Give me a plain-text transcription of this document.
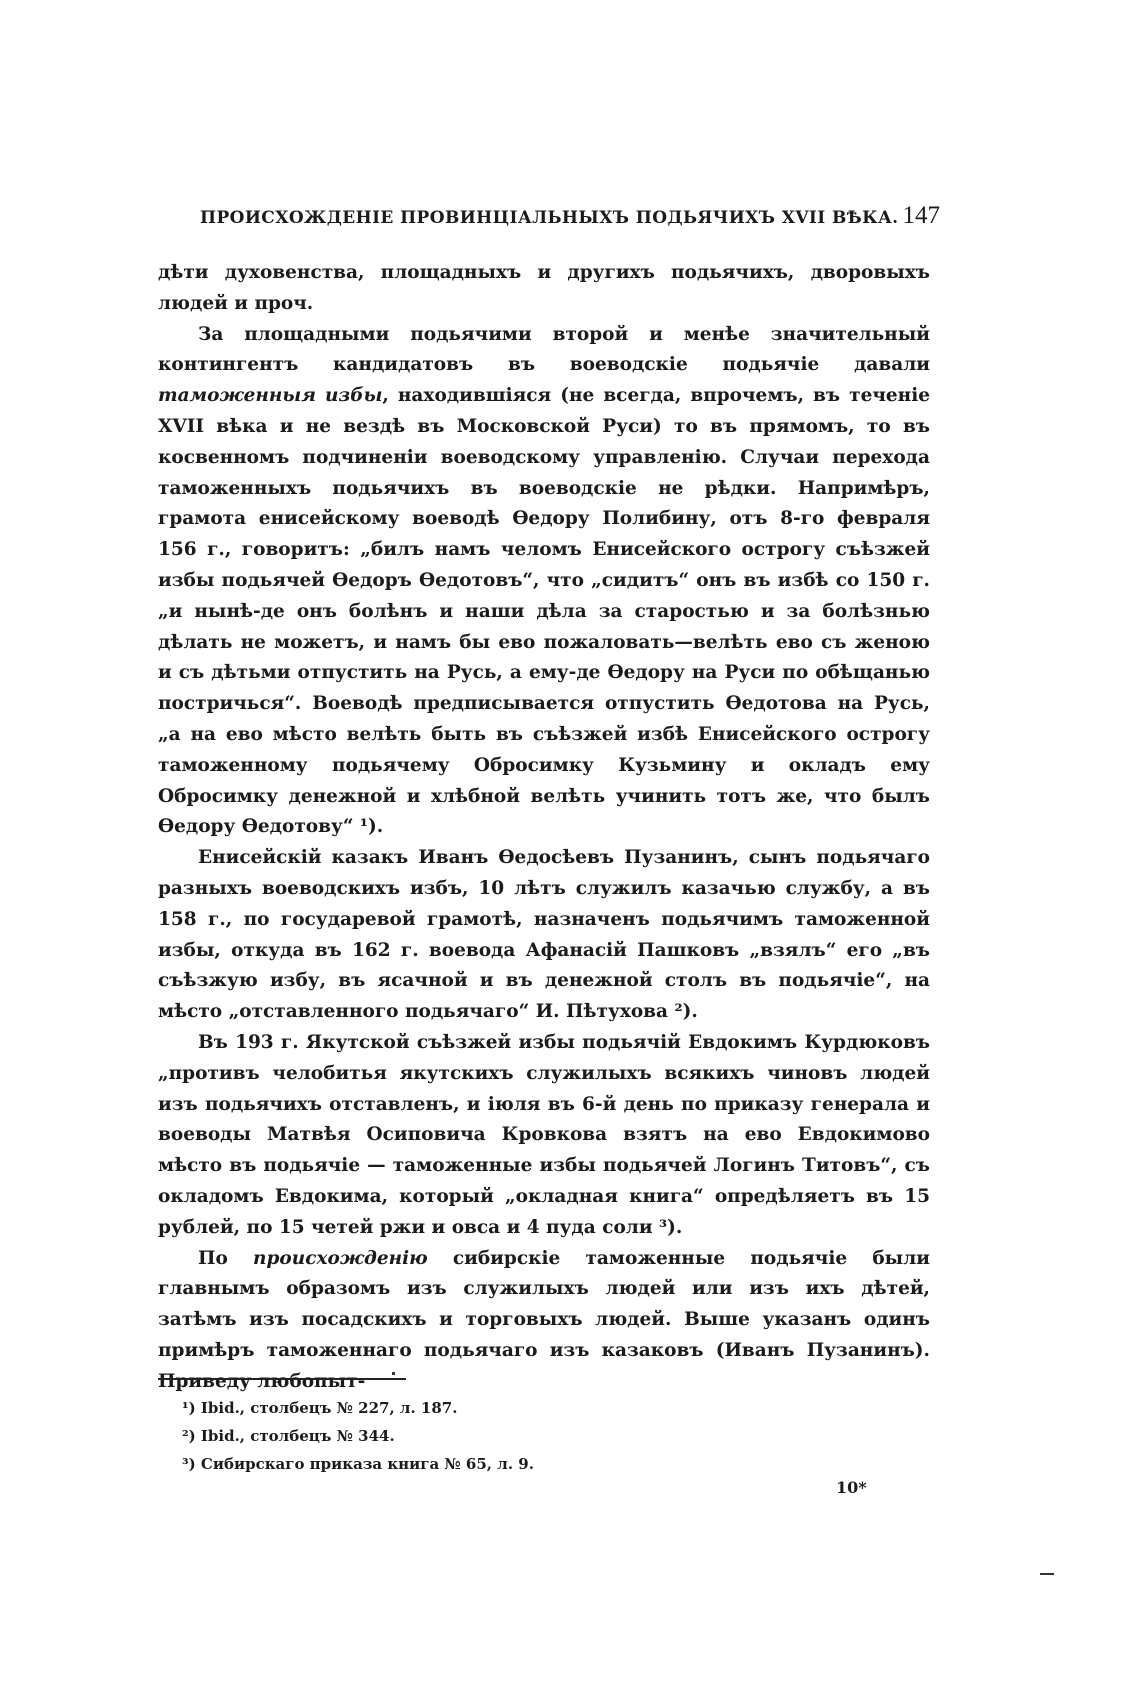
ПРОИСХОЖДЕНІЕ ПРОВИНЦІАЛЬНЫХЪ ПОДЬЯЧИХЪ XVII ВѢКА. 147

дѣти духовенства, площадныхъ и другихъ подьячихъ, дворовыхъ людей и проч.

За площадными подьячими второй и менѣе значительный контингентъ кандидатовъ въ воеводскіе подьячіе давали таможенныя избы, находившіяся (не всегда, впрочемъ, въ теченіе XVII вѣка и не вездѣ въ Московской Руси) то въ прямомъ, то въ косвенномъ подчиненіи воеводскому управленію. Случаи перехода таможенныхъ подьячихъ въ воеводскіе не рѣдки. Напримѣръ, грамота енисейскому воеводѣ Ѳедору Полибину, отъ 8-го февраля 156 г., говоритъ: „билъ намъ челомъ Енисейского острогу съѣзжей избы подьячей Ѳедоръ Ѳедотовъ“, что „сидитъ“ онъ въ избѣ со 150 г. „и нынѣ-де онъ болѣнъ и наши дѣла за старостью и за болѣзнью дѣлать не можетъ, и намъ бы ево пожаловать—велѣть ево съ женою и съ дѣтьми отпустить на Русь, а ему-де Ѳедору на Руси по обѣщанью постричься“. Воеводѣ предписывается отпустить Ѳедотова на Русь, „а на ево мѣсто велѣть быть въ съѣзжей избѣ Енисейского острогу таможенному подьячему Обросимку Кузьмину и окладъ ему Обросимку денежной и хлѣбной велѣть учинить тотъ же, что былъ Ѳедору Ѳедотову“ ¹).

Енисейскій казакъ Иванъ Ѳедосѣевъ Пузанинъ, сынъ подьячаго разныхъ воеводскихъ избъ, 10 лѣтъ служилъ казачью службу, а въ 158 г., по государевой грамотѣ, назначенъ подьячимъ таможенной избы, откуда въ 162 г. воевода Афанасій Пашковъ „взялъ“ его „въ съѣзжую избу, въ ясачной и въ денежной столъ въ подьячіе“, на мѣсто „отставленного подьячаго“ И. Пѣтухова ²).

Въ 193 г. Якутской съѣзжей избы подьячій Евдокимъ Курдюковъ „противъ челобитья якутскихъ служилыхъ всякихъ чиновъ людей изъ подьячихъ отставленъ, и іюля въ 6-й день по приказу генерала и воеводы Матвѣя Осиповича Кровкова взятъ на ево Евдокимово мѣсто въ подьячіе — таможенные избы подьячей Логинъ Титовъ“, съ окладомъ Евдокима, который „окладная книга“ опредѣляетъ въ 15 рублей, по 15 четей ржи и овса и 4 пуда соли ³).

По происхожденію сибирскіе таможенные подьячіе были главнымъ образомъ изъ служилыхъ людей или изъ ихъ дѣтей, затѣмъ изъ посадскихъ и торговыхъ людей. Выше указанъ одинъ примѣръ таможеннаго подьячаго изъ казаковъ (Иванъ Пузанинъ). Приведу любопыт-

¹) Ibid., столбецъ № 227, л. 187.

²) Ibid., столбецъ № 344.

³) Сибирскаго приказа книга № 65, л. 9.

10*
